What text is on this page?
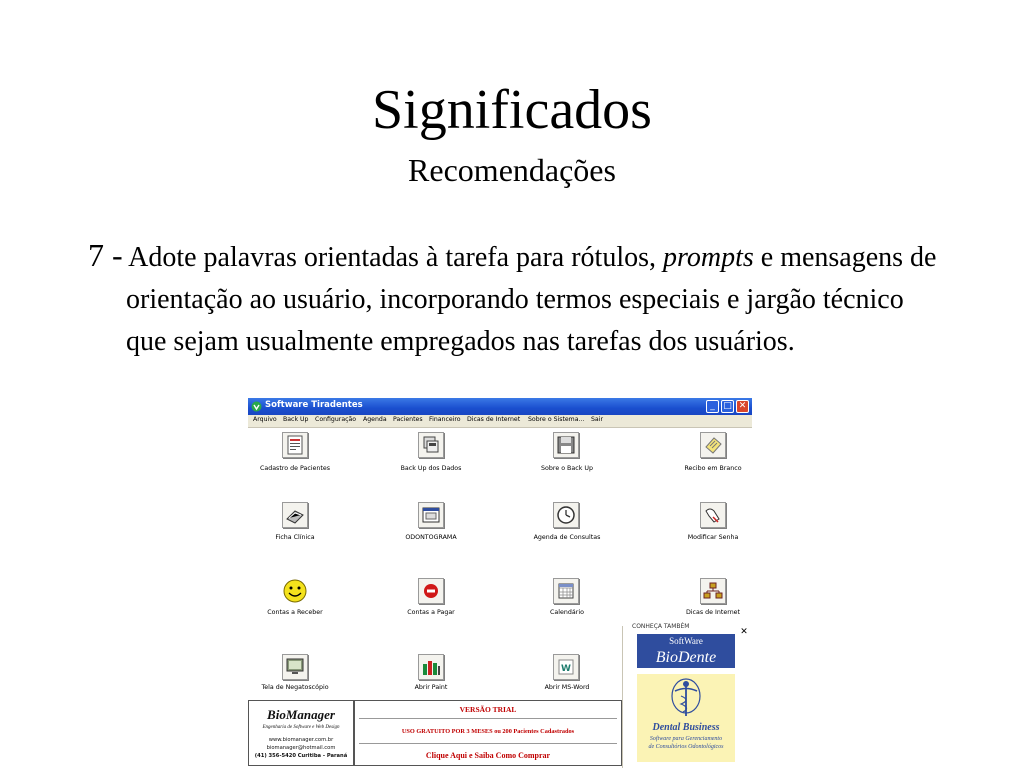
Significados
Recomendações
7 - Adote palavras orientadas à tarefa para rótulos, prompts e mensagens de orientação ao usuário, incorporando termos especiais e jargão técnico que sejam usualmente empregados nas tarefas dos usuários.
Software Tiradentes	_ □ ✕
Arquivo Back Up Configuração Agenda Pacientes Financeiro Dicas de Internet Sobre o Sistema... Sair
Cadastro de Pacientes	Back Up dos Dados	Sobre o Back Up	Recibo em Branco
Ficha Clínica	ODONTOGRAMA	Agenda de Consultas	Modificar Senha
Contas a Receber	Contas a Pagar	Calendário	Dicas de Internet
Tela de Negatoscópio	Abrir Paint
W
Abrir MS-Word
BioManager
Engenharia de Software e Web Design
www.biomanager.com.br
biomanager@hotmail.com
(41) 356-5420 Curitiba - Paraná
VERSÃO TRIAL
USO GRATUITO POR 3 MESES ou 200 Pacientes Cadastrados
Clique Aqui e Saiba Como Comprar
CONHEÇA TAMBÉM
✕
SoftWare
BioDente
Dental Business
Software para Gerenciamento
de Consultórios Odontológicos
